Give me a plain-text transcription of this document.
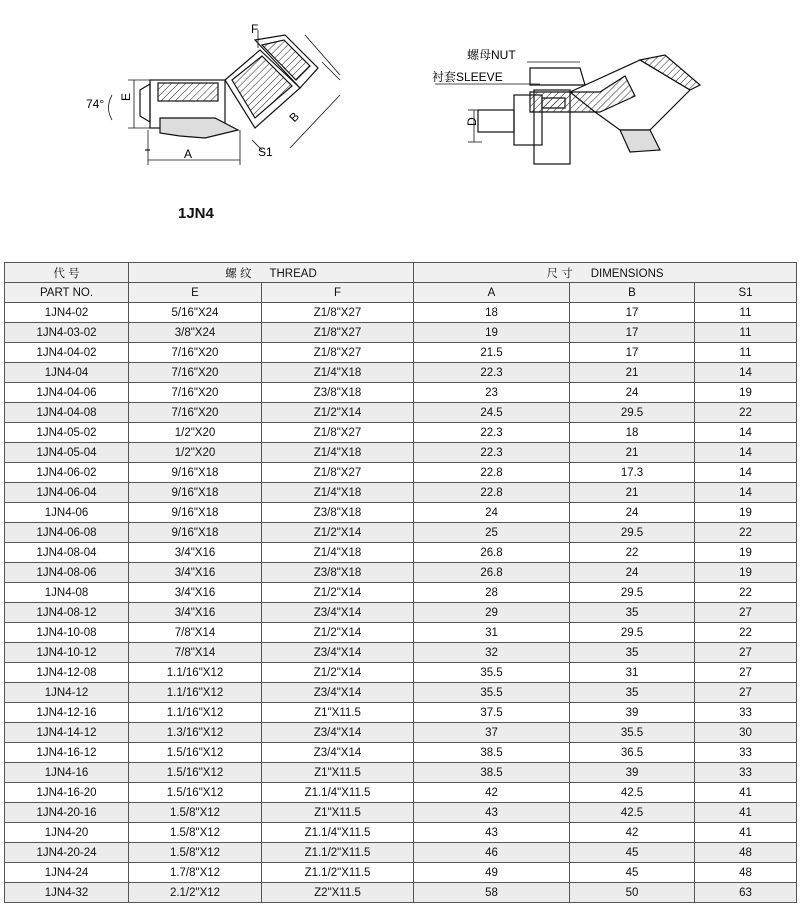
74°
E
F
A
B
S1
螺母NUT
衬套SLEEVE
D
1JN4
代 号	螺 纹 THREAD		尺 寸 DIMENSIONS		
PART NO.	E	F	A	B	S1
1JN4-02	5/16"X24	Z1/8"X27	18	17	11
1JN4-03-02	3/8"X24	Z1/8"X27	19	17	11
1JN4-04-02	7/16"X20	Z1/8"X27	21.5	17	11
1JN4-04	7/16"X20	Z1/4"X18	22.3	21	14
1JN4-04-06	7/16"X20	Z3/8"X18	23	24	19
1JN4-04-08	7/16"X20	Z1/2"X14	24.5	29.5	22
1JN4-05-02	1/2"X20	Z1/8"X27	22.3	18	14
1JN4-05-04	1/2"X20	Z1/4"X18	22.3	21	14
1JN4-06-02	9/16"X18	Z1/8"X27	22.8	17.3	14
1JN4-06-04	9/16"X18	Z1/4"X18	22.8	21	14
1JN4-06	9/16"X18	Z3/8"X18	24	24	19
1JN4-06-08	9/16"X18	Z1/2"X14	25	29.5	22
1JN4-08-04	3/4"X16	Z1/4"X18	26.8	22	19
1JN4-08-06	3/4"X16	Z3/8"X18	26.8	24	19
1JN4-08	3/4"X16	Z1/2"X14	28	29.5	22
1JN4-08-12	3/4"X16	Z3/4"X14	29	35	27
1JN4-10-08	7/8"X14	Z1/2"X14	31	29.5	22
1JN4-10-12	7/8"X14	Z3/4"X14	32	35	27
1JN4-12-08	1.1/16"X12	Z1/2"X14	35.5	31	27
1JN4-12	1.1/16"X12	Z3/4"X14	35.5	35	27
1JN4-12-16	1.1/16"X12	Z1"X11.5	37.5	39	33
1JN4-14-12	1.3/16"X12	Z3/4"X14	37	35.5	30
1JN4-16-12	1.5/16"X12	Z3/4"X14	38.5	36.5	33
1JN4-16	1.5/16"X12	Z1"X11.5	38.5	39	33
1JN4-16-20	1.5/16"X12	Z1.1/4"X11.5	42	42.5	41
1JN4-20-16	1.5/8"X12	Z1"X11.5	43	42.5	41
1JN4-20	1.5/8"X12	Z1.1/4"X11.5	43	42	41
1JN4-20-24	1.5/8"X12	Z1.1/2"X11.5	46	45	48
1JN4-24	1.7/8"X12	Z1.1/2"X11.5	49	45	48
1JN4-32	2.1/2"X12	Z2"X11.5	58	50	63
